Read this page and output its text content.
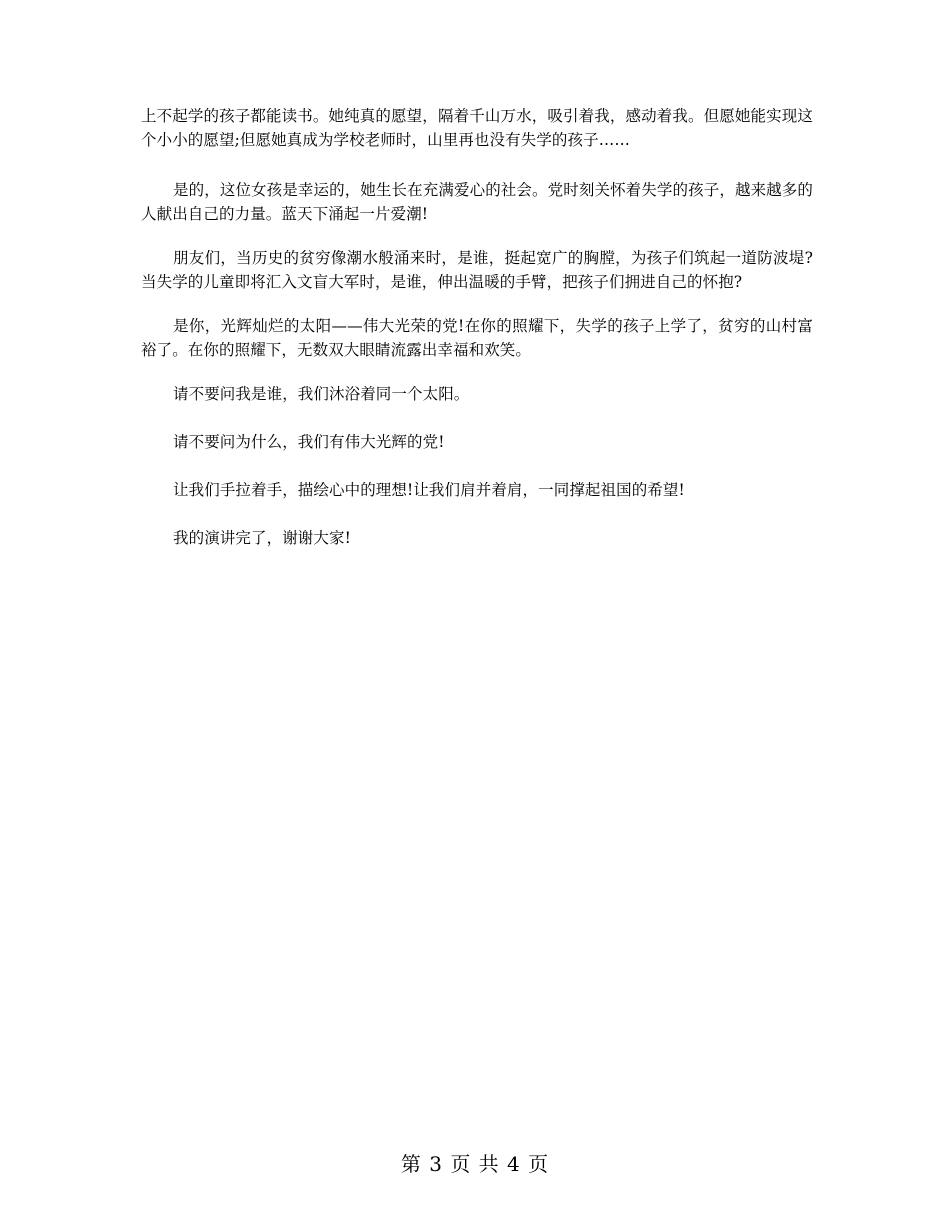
上不起学的孩子都能读书。她纯真的愿望，隔着千山万水，吸引着我，感动着我。但愿她能实现这个小小的愿望;但愿她真成为学校老师时，山里再也没有失学的孩子……

是的，这位女孩是幸运的，她生长在充满爱心的社会。党时刻关怀着失学的孩子，越来越多的人献出自己的力量。蓝天下涌起一片爱潮!

朋友们，当历史的贫穷像潮水般涌来时，是谁，挺起宽广的胸膛，为孩子们筑起一道防波堤?当失学的儿童即将汇入文盲大军时，是谁，伸出温暖的手臂，把孩子们拥进自己的怀抱?

是你，光辉灿烂的太阳——伟大光荣的党!在你的照耀下，失学的孩子上学了，贫穷的山村富裕了。在你的照耀下，无数双大眼睛流露出幸福和欢笑。

请不要问我是谁，我们沐浴着同一个太阳。

请不要问为什么，我们有伟大光辉的党!

让我们手拉着手，描绘心中的理想!让我们肩并着肩，一同撑起祖国的希望!

我的演讲完了，谢谢大家!

第 3 页 共 4 页
